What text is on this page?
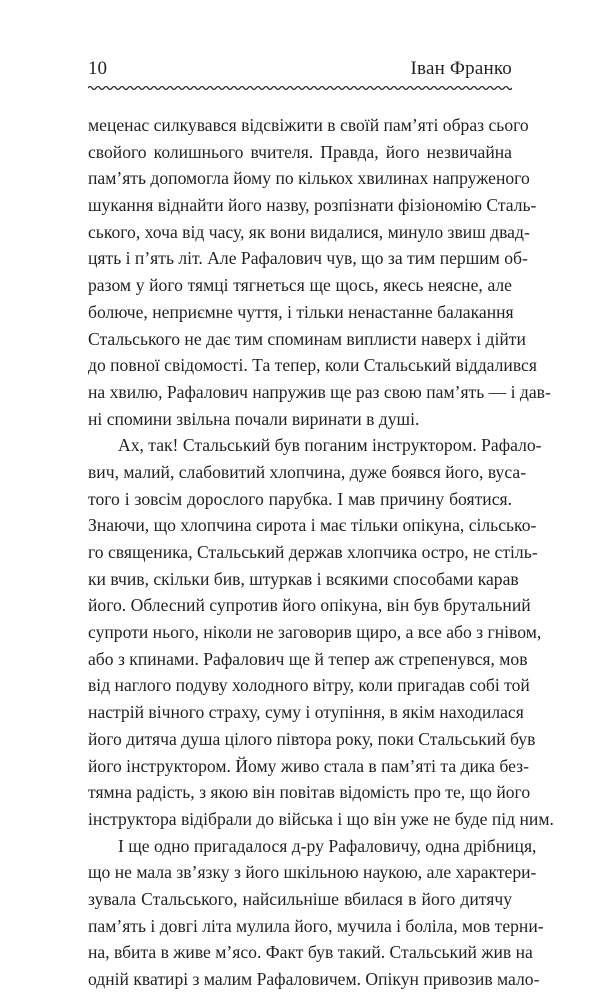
10	Іван Франко
меценас силкувався відсвіжити в своїй пам’яті образ сього
свойого колишнього вчителя. Правда, його незвичайна
пам’ять допомогла йому по кількох хвилинах напруженого
шукання віднайти його назву, розпізнати фізіономію Сталь-
ського, хоча від часу, як вони видалися, минуло звиш двад-
цять і п’ять літ. Але Рафалович чув, що за тим першим об-
разом у його тямці тягнеться ще щось, якесь неясне, але
болюче, неприємне чуття, і тільки ненастанне балакання
Стальського не дає тим споминам виплисти наверх і дійти
до повної свідомості. Та тепер, коли Стальський віддалився
на хвилю, Рафалович напружив ще раз свою пам’ять — і дав-
ні спомини звільна почали виринати в душі.
Ах, так! Стальський був поганим інструктором. Рафало-
вич, малий, слабовитий хлопчина, дуже боявся його, вуса-
того і зовсім дорослого парубка. І мав причину боятися.
Знаючи, що хлопчина сирота і має тільки опікуна, сільсько-
го священика, Стальський держав хлопчика остро, не стіль-
ки вчив, скільки бив, штуркав і всякими способами карав
його. Облесний супротив його опікуна, він був брутальний
супроти нього, ніколи не заговорив щиро, а все або з гнівом,
або з кпинами. Рафалович ще й тепер аж стрепенувся, мов
від наглого подуву холодного вітру, коли пригадав собі той
настрій вічного страху, суму і отупіння, в якім находилася
його дитяча душа цілого півтора року, поки Стальський був
його інструктором. Йому живо стала в пам’яті та дика без-
тямна радість, з якою він повітав відомість про те, що його
інструктора відібрали до війська і що він уже не буде під ним.
І ще одно пригадалося д-ру Рафаловичу, одна дрібниця,
що не мала зв’язку з його шкільною наукою, але характери-
зувала Стальського, найсильніше вбилася в його дитячу
пам’ять і довгі літа мулила його, мучила і боліла, мов терни-
на, вбита в живе м’ясо. Факт був такий. Стальський жив на
одній кватирі з малим Рафаловичем. Опікун привозив мало-
